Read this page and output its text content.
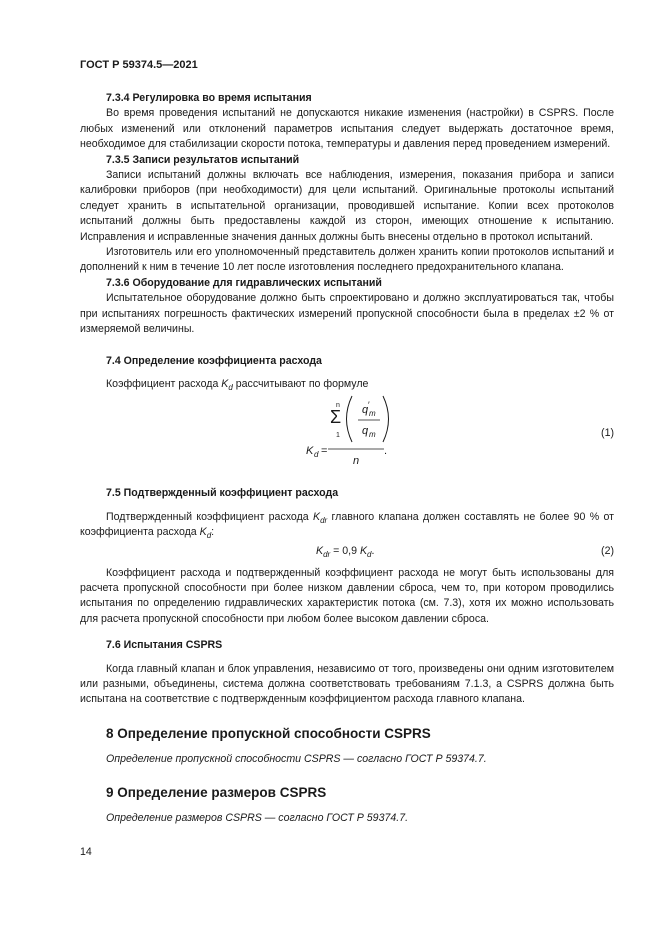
ГОСТ Р 59374.5—2021
7.3.4 Регулировка во время испытания

Во время проведения испытаний не допускаются никакие изменения (настройки) в CSPRS. После любых изменений или отклонений параметров испытания следует выдержать достаточное время, необходимое для стабилизации скорости потока, температуры и давления перед проведением измерений.

7.3.5 Записи результатов испытаний

Записи испытаний должны включать все наблюдения, измерения, показания прибора и записи калибровки приборов (при необходимости) для цели испытаний. Оригинальные протоколы испытаний следует хранить в испытательной организации, проводившей испытание. Копии всех протоколов испытаний должны быть предоставлены каждой из сторон, имеющих отношение к испытанию. Исправления и исправленные значения данных должны быть внесены отдельно в протокол испытаний.

Изготовитель или его уполномоченный представитель должен хранить копии протоколов испытаний и дополнений к ним в течение 10 лет после изготовления последнего предохранительного клапана.

7.3.6 Оборудование для гидравлических испытаний

Испытательное оборудование должно быть спроектировано и должно эксплуатироваться так, чтобы при испытаниях погрешность фактических измерений пропускной способности была в пределах ±2 % от измеряемой величины.

7.4 Определение коэффициента расхода

Коэффициент расхода $K_d$ рассчитывают по формуле

K d =
n
Σ
1
q ′
m
q m
n
.
(1)
7.5 Подтвержденный коэффициент расхода

Подтвержденный коэффициент расхода $K_{dr}$ главного клапана должен составлять не более 90 % от коэффициента расхода $K_d$:

$K_{dr} = 0,9$ $K_d$.	(2)

Коэффициент расхода и подтвержденный коэффициент расхода не могут быть использованы для расчета пропускной способности при более низком давлении сброса, чем то, при котором проводились испытания по определению гидравлических характеристик потока (см. 7.3), хотя их можно использовать для расчета пропускной способности при любом более высоком давлении сброса.

7.6 Испытания CSPRS

Когда главный клапан и блок управления, независимо от того, произведены они одним изготовителем или разными, объединены, система должна соответствовать требованиям 7.1.3, а CSPRS должна быть испытана на соответствие с подтвержденным коэффициентом расхода главного клапана.

8 Определение пропускной способности CSPRS

Определение пропускной способности CSPRS — согласно ГОСТ Р 59374.7.

9 Определение размеров CSPRS

Определение размеров CSPRS — согласно ГОСТ Р 59374.7.

14
